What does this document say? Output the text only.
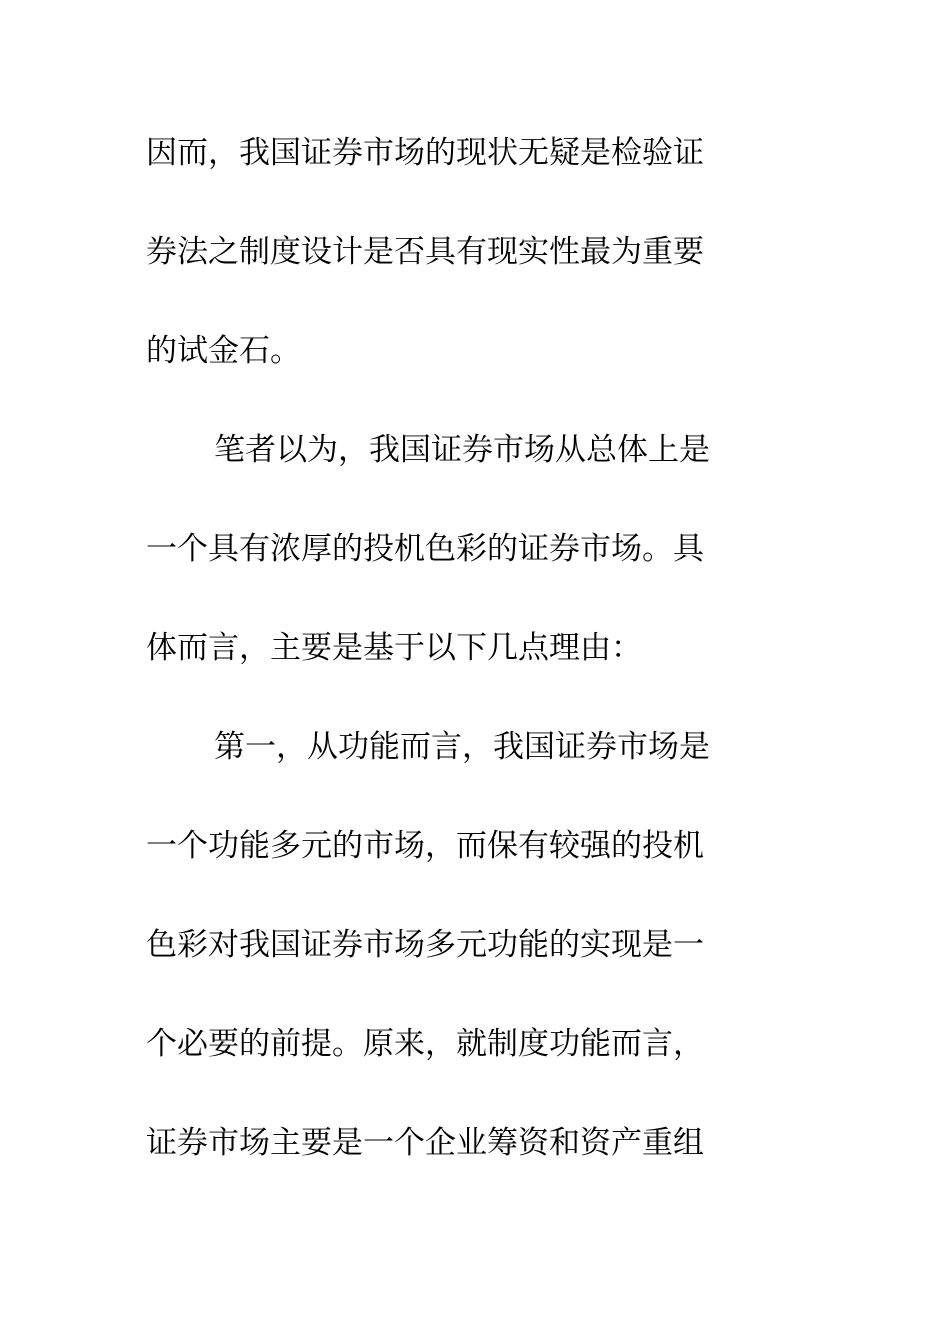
因而，我国证券市场的现状无疑是检验证
券法之制度设计是否具有现实性最为重要
的试金石。
笔者以为，我国证券市场从总体上是
一个具有浓厚的投机色彩的证券市场。具
体而言，主要是基于以下几点理由：
第一，从功能而言，我国证券市场是
一个功能多元的市场，而保有较强的投机
色彩对我国证券市场多元功能的实现是一
个必要的前提。原来，就制度功能而言，
证券市场主要是一个企业筹资和资产重组
